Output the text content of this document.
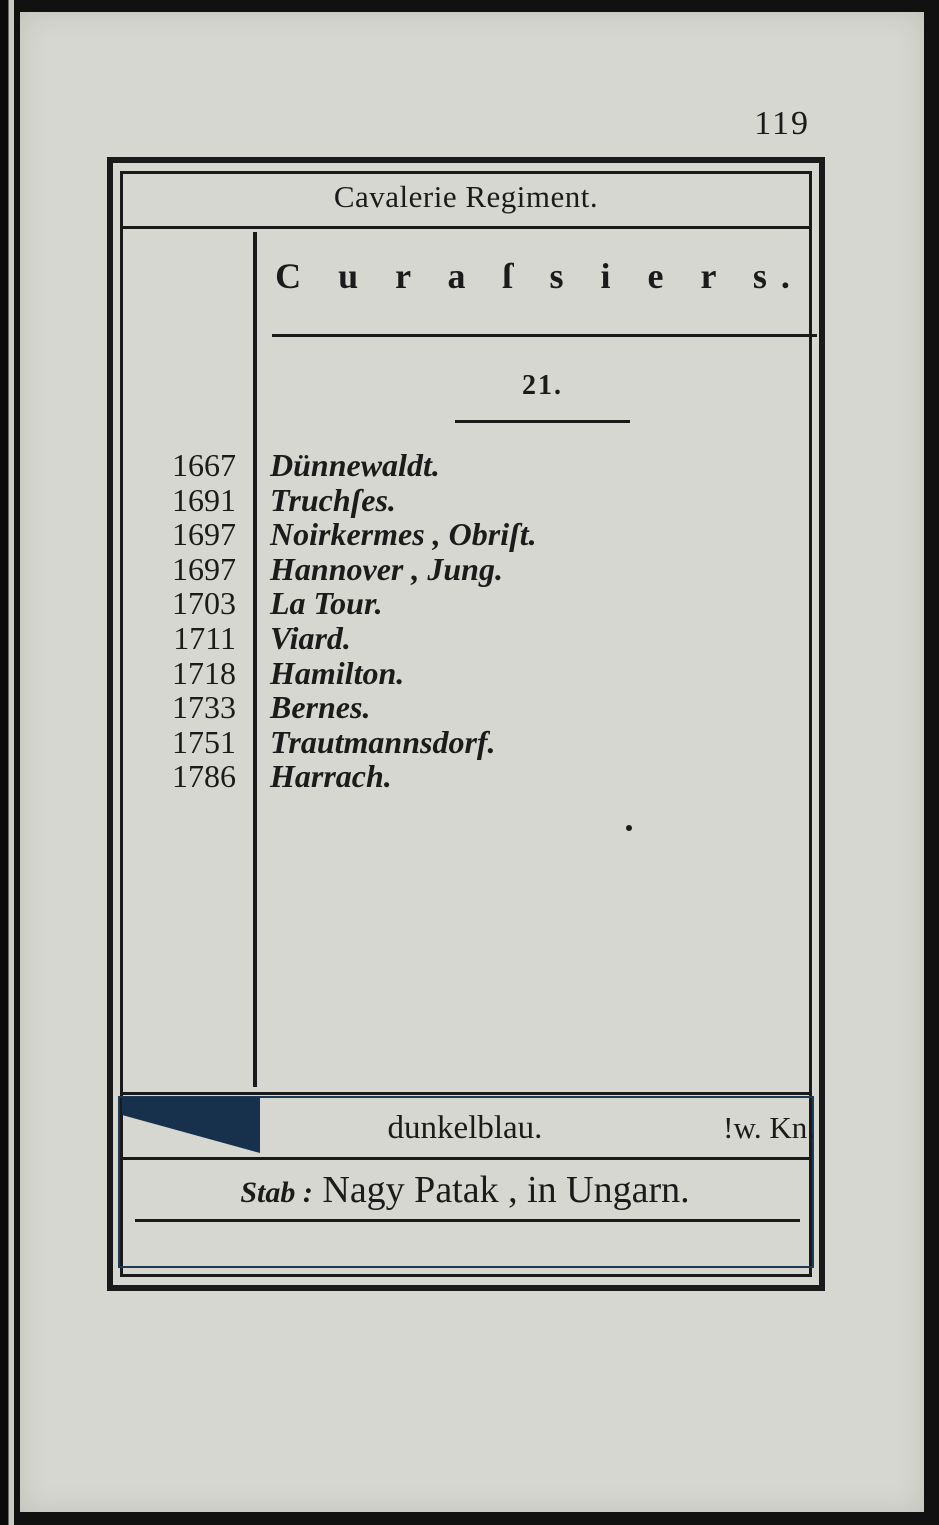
119
Cavalerie Regiment.
C u r a ſ s i e r s.
21.
1667
1691
1697
1697
1703
1711
1718
1733
1751
1786
Dünnewaldt.
Truchſes.
Noirkermes , Obriſt.
Hannover , Jung.
La Tour.
Viard.
Hamilton.
Bernes.
Trautmannsdorf.
Harrach.
dunkelblau.	!w. Kn.
Stab : Nagy Patak , in Ungarn.
